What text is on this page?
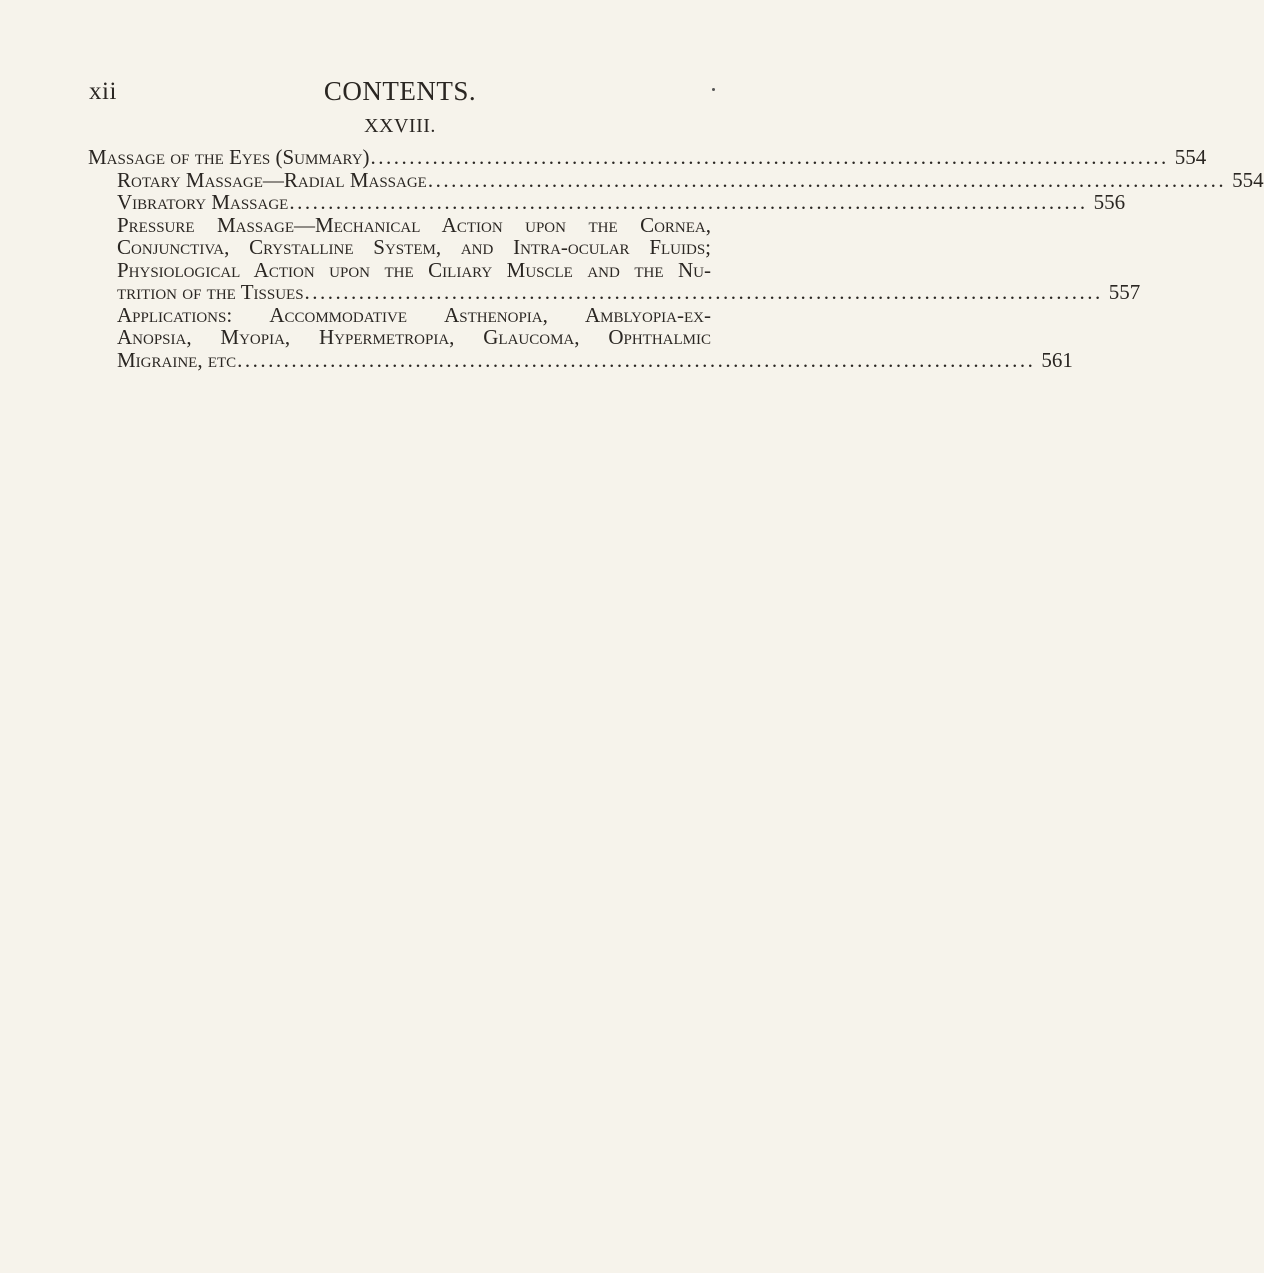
xii	CONTENTS.
XXVIII.
Massage of the Eyes (Summary) ....................................................................................................... 554
Rotary Massage—Radial Massage ....................................................................................................... 554
Vibratory Massage ....................................................................................................... 556
Pressure Massage—Mechanical Action upon the Cornea,
Conjunctiva, Crystalline System, and Intra-ocular Fluids;
Physiological Action upon the Ciliary Muscle and the Nu-
trition of the Tissues ....................................................................................................... 557
Applications: Accommodative Asthenopia, Amblyopia-ex-
Anopsia, Myopia, Hypermetropia, Glaucoma, Ophthalmic
Migraine, etc ....................................................................................................... 561
